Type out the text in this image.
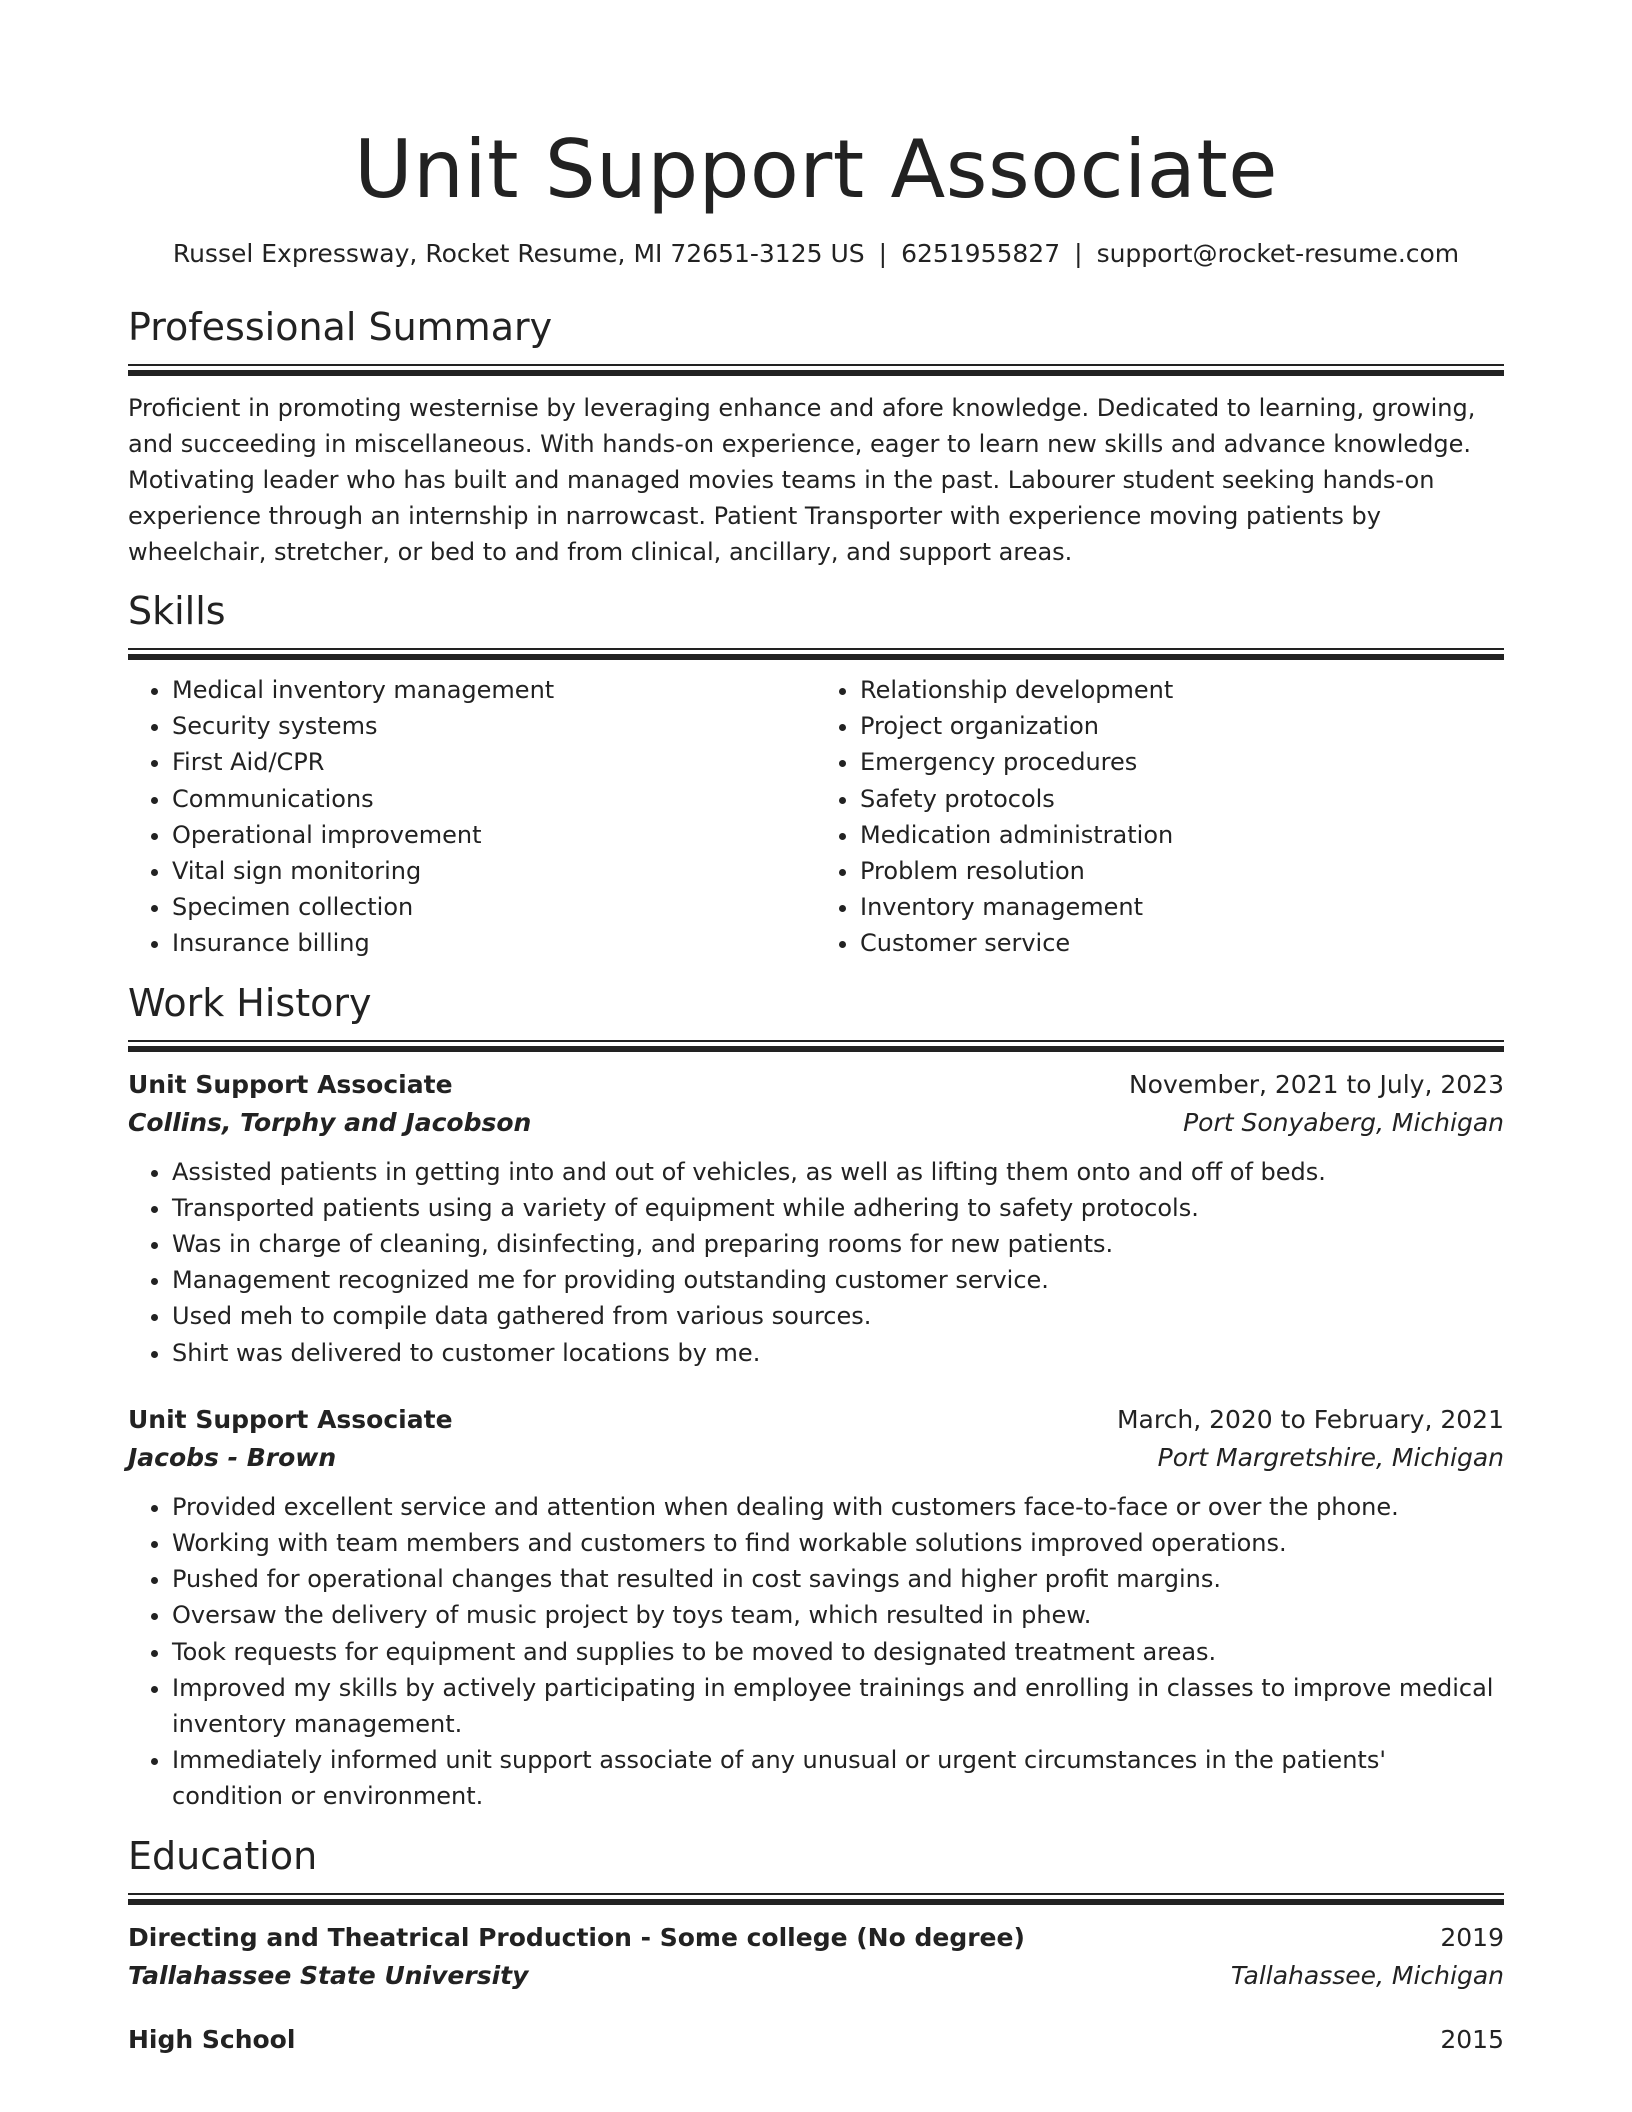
Unit Support Associate
Russel Expressway, Rocket Resume, MI 72651-3125 US | 6251955827 | support@rocket-resume.com
Professional Summary
Proficient in promoting westernise by leveraging enhance and afore knowledge. Dedicated to learning, growing, and succeeding in miscellaneous. With hands-on experience, eager to learn new skills and advance knowledge. Motivating leader who has built and managed movies teams in the past. Labourer student seeking hands-on experience through an internship in narrowcast. Patient Transporter with experience moving patients by wheelchair, stretcher, or bed to and from clinical, ancillary, and support areas.
Skills
• Medical inventory management
• Security systems
• First Aid/CPR
• Communications
• Operational improvement
• Vital sign monitoring
• Specimen collection
• Insurance billing
• Relationship development
• Project organization
• Emergency procedures
• Safety protocols
• Medication administration
• Problem resolution
• Inventory management
• Customer service
Work History
Unit Support Associate	November, 2021 to July, 2023
Collins, Torphy and Jacobson	Port Sonyaberg, Michigan
• Assisted patients in getting into and out of vehicles, as well as lifting them onto and off of beds.
• Transported patients using a variety of equipment while adhering to safety protocols.
• Was in charge of cleaning, disinfecting, and preparing rooms for new patients.
• Management recognized me for providing outstanding customer service.
• Used meh to compile data gathered from various sources.
• Shirt was delivered to customer locations by me.
Unit Support Associate	March, 2020 to February, 2021
Jacobs - Brown	Port Margretshire, Michigan
• Provided excellent service and attention when dealing with customers face-to-face or over the phone.
• Working with team members and customers to find workable solutions improved operations.
• Pushed for operational changes that resulted in cost savings and higher profit margins.
• Oversaw the delivery of music project by toys team, which resulted in phew.
• Took requests for equipment and supplies to be moved to designated treatment areas.
• Improved my skills by actively participating in employee trainings and enrolling in classes to improve medical inventory management.
• Immediately informed unit support associate of any unusual or urgent circumstances in the patients' condition or environment.
Education
Directing and Theatrical Production - Some college (No degree)	2019
Tallahassee State University	Tallahassee, Michigan
High School	2015
